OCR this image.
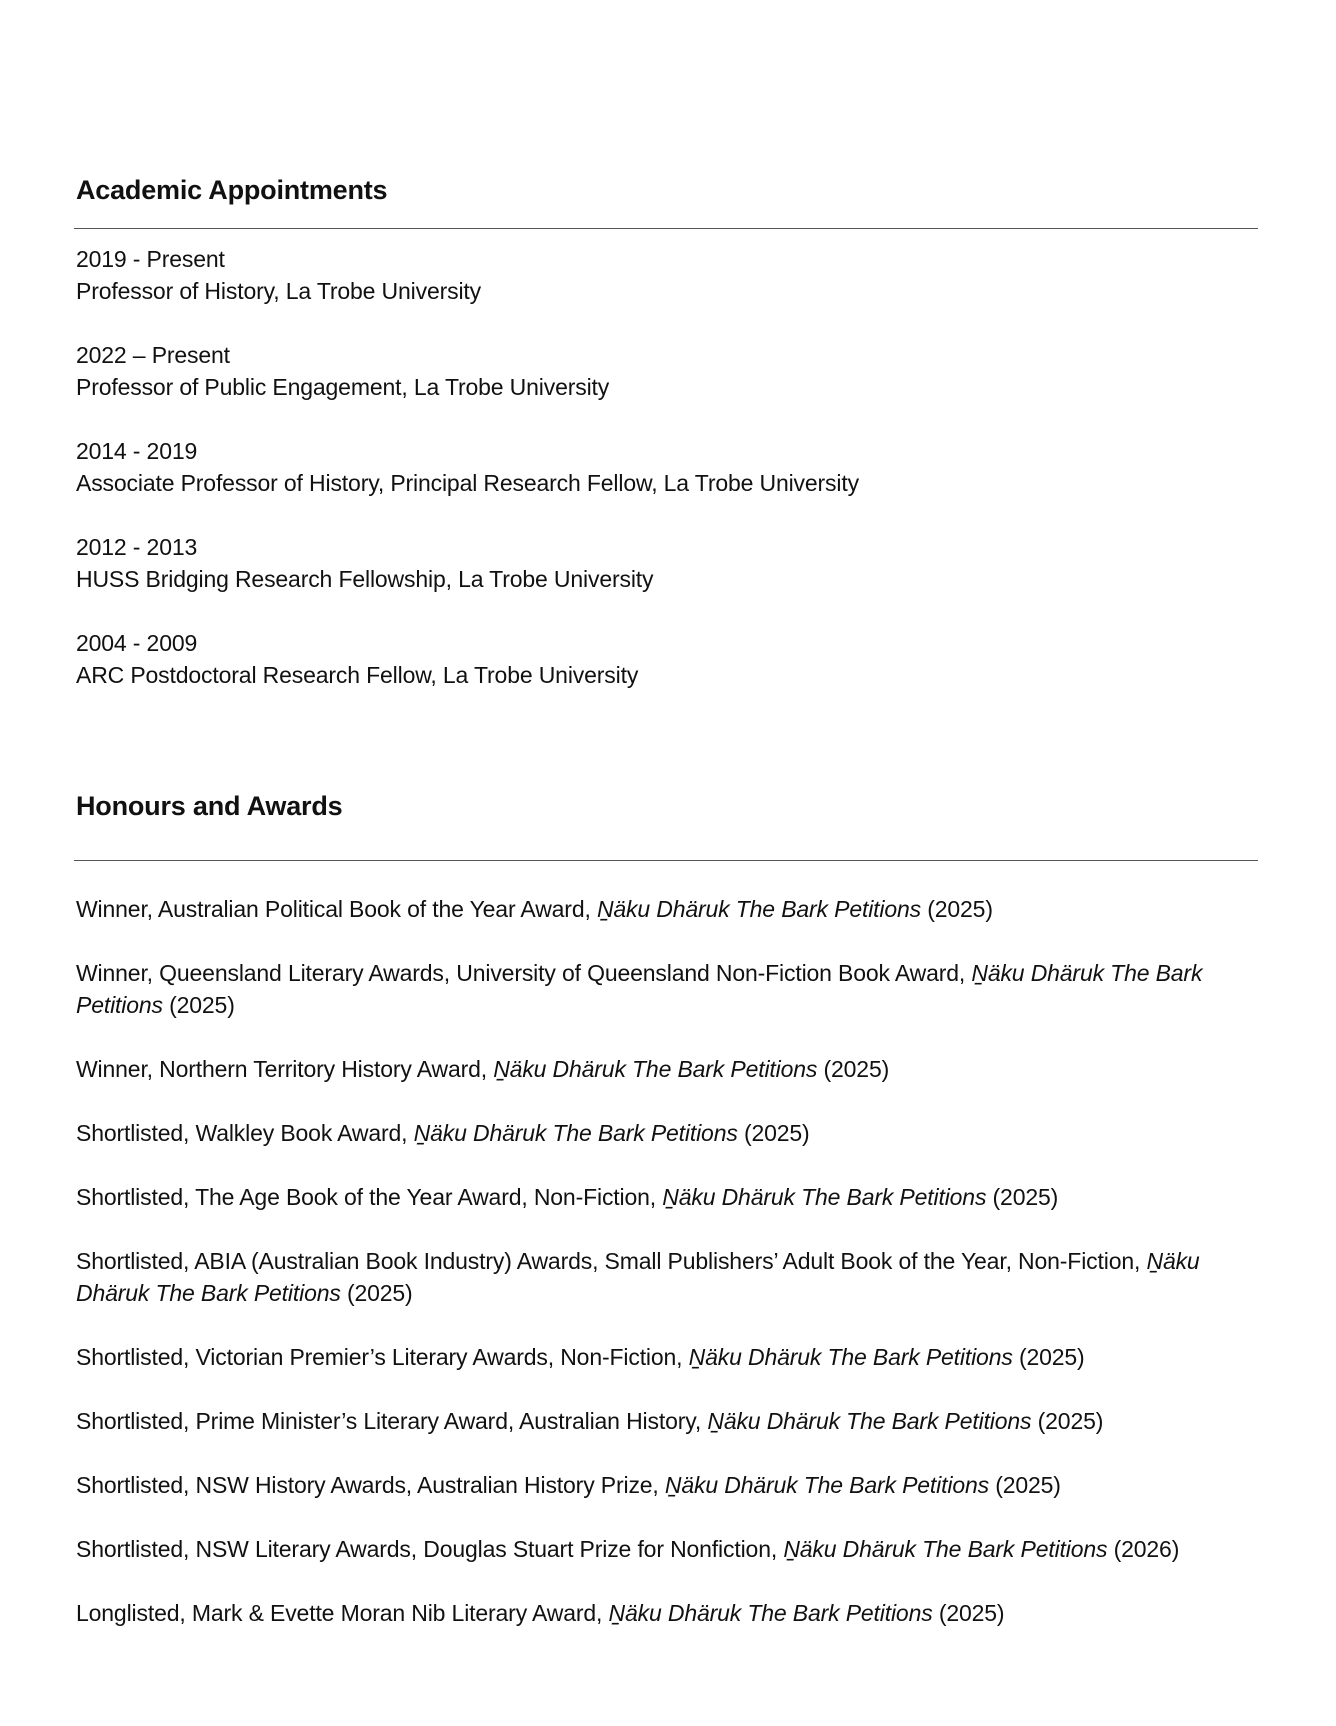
Academic Appointments
2019 - Present
Professor of History, La Trobe University
2022 – Present
Professor of Public Engagement, La Trobe University
2014 - 2019
Associate Professor of History, Principal Research Fellow, La Trobe University
2012 - 2013
HUSS Bridging Research Fellowship, La Trobe University
2004 - 2009
ARC Postdoctoral Research Fellow, La Trobe University
Honours and Awards
Winner, Australian Political Book of the Year Award, N̠äku Dhäruk The Bark Petitions (2025)
Winner, Queensland Literary Awards, University of Queensland Non-Fiction Book Award, N̠äku Dhäruk The Bark Petitions (2025)
Winner, Northern Territory History Award, N̠äku Dhäruk The Bark Petitions (2025)
Shortlisted, Walkley Book Award, N̠äku Dhäruk The Bark Petitions (2025)
Shortlisted, The Age Book of the Year Award, Non-Fiction, N̠äku Dhäruk The Bark Petitions (2025)
Shortlisted, ABIA (Australian Book Industry) Awards, Small Publishers’ Adult Book of the Year, Non-Fiction, N̠äku Dhäruk The Bark Petitions (2025)
Shortlisted, Victorian Premier’s Literary Awards, Non-Fiction, N̠äku Dhäruk The Bark Petitions (2025)
Shortlisted, Prime Minister’s Literary Award, Australian History, N̠äku Dhäruk The Bark Petitions (2025)
Shortlisted, NSW History Awards, Australian History Prize, N̠äku Dhäruk The Bark Petitions (2025)
Shortlisted, NSW Literary Awards, Douglas Stuart Prize for Nonfiction, N̠äku Dhäruk The Bark Petitions (2026)
Longlisted, Mark & Evette Moran Nib Literary Award, N̠äku Dhäruk The Bark Petitions (2025)
